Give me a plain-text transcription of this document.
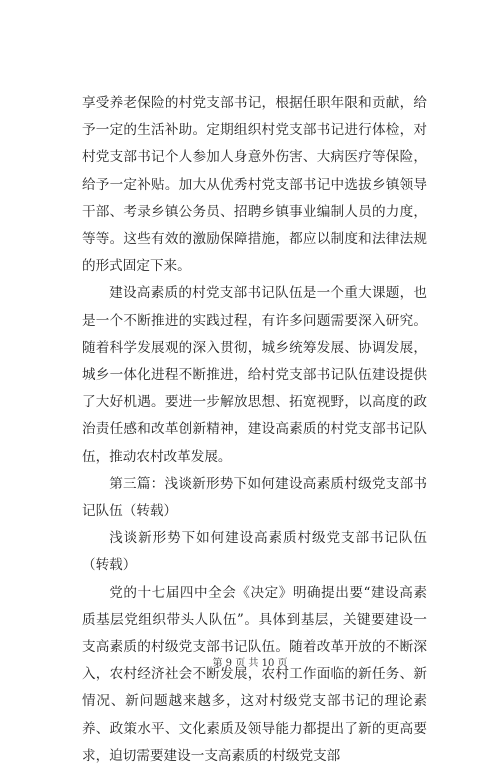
享受养老保险的村党支部书记，根据任职年限和贡献，给予一定的生活补助。定期组织村党支部书记进行体检，对村党支部书记个人参加人身意外伤害、大病医疗等保险，给予一定补贴。加大从优秀村党支部书记中选拔乡镇领导干部、考录乡镇公务员、招聘乡镇事业编制人员的力度，等等。这些有效的激励保障措施，都应以制度和法律法规的形式固定下来。

建设高素质的村党支部书记队伍是一个重大课题，也是一个不断推进的实践过程，有许多问题需要深入研究。随着科学发展观的深入贯彻，城乡统筹发展、协调发展，城乡一体化进程不断推进，给村党支部书记队伍建设提供了大好机遇。要进一步解放思想、拓宽视野，以高度的政治责任感和改革创新精神，建设高素质的村党支部书记队伍，推动农村改革发展。

第三篇：浅谈新形势下如何建设高素质村级党支部书记队伍（转载）

浅谈新形势下如何建设高素质村级党支部书记队伍（转载）

党的十七届四中全会《决定》明确提出要“建设高素质基层党组织带头人队伍”。具体到基层，关键要建设一支高素质的村级党支部书记队伍。随着改革开放的不断深入，农村经济社会不断发展，农村工作面临的新任务、新情况、新问题越来越多，这对村级党支部书记的理论素养、政策水平、文化素质及领导能力都提出了新的更高要求，迫切需要建设一支高素质的村级党支部

第 9 页 共 10 页
